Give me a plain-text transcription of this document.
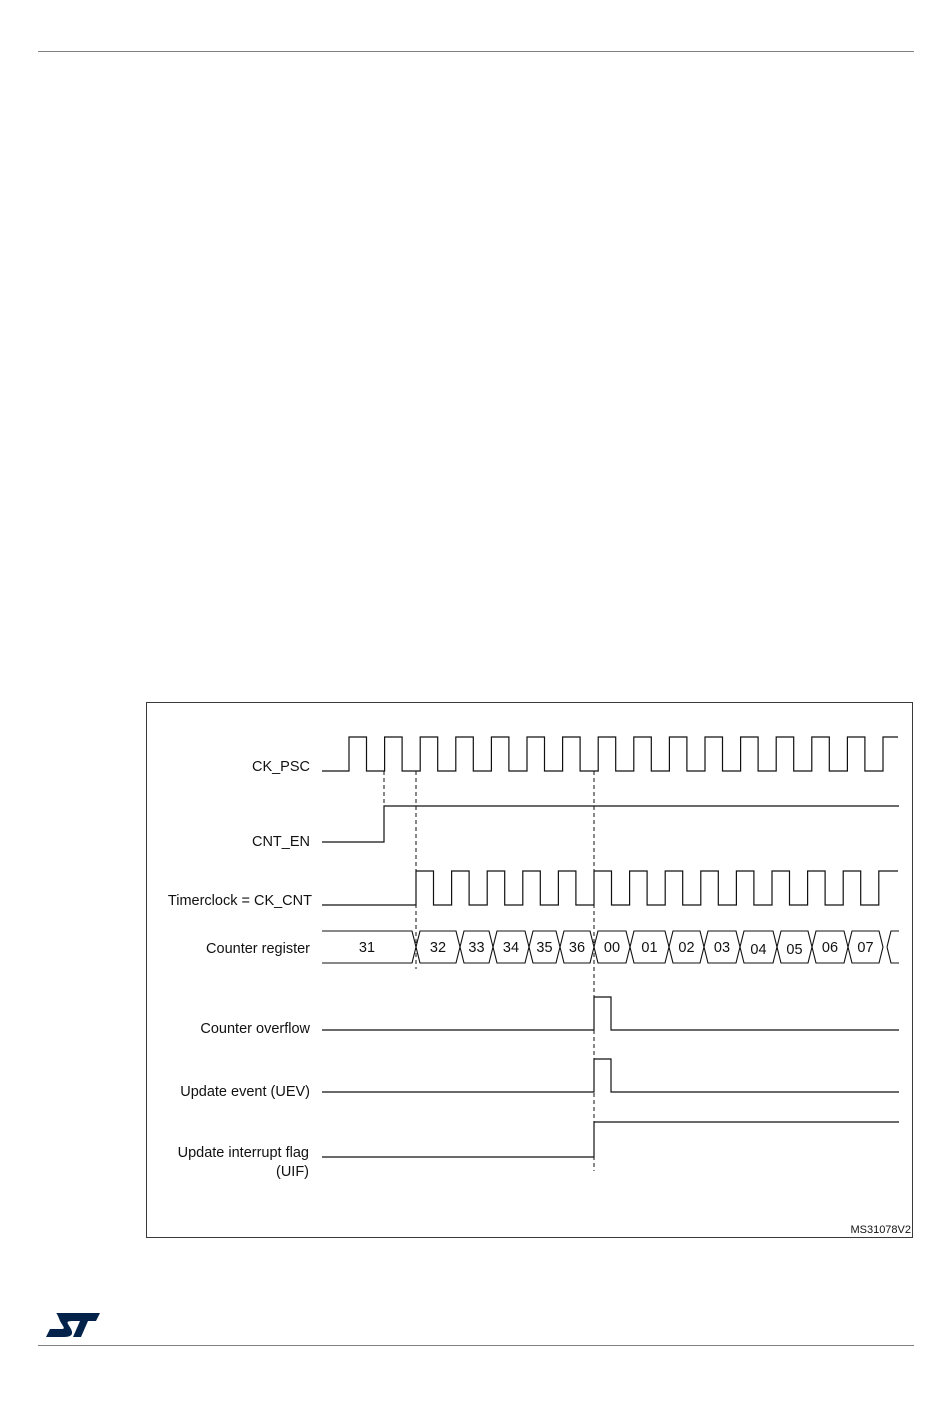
CK_PSC
CNT_EN
Timerclock = CK_CNT
Counter register
Counter overflow
Update event (UEV)
Update interrupt flag
(UIF)
31	32 33 34 35 36 00 01 02 03 04 05 06 07
MS31078V2
